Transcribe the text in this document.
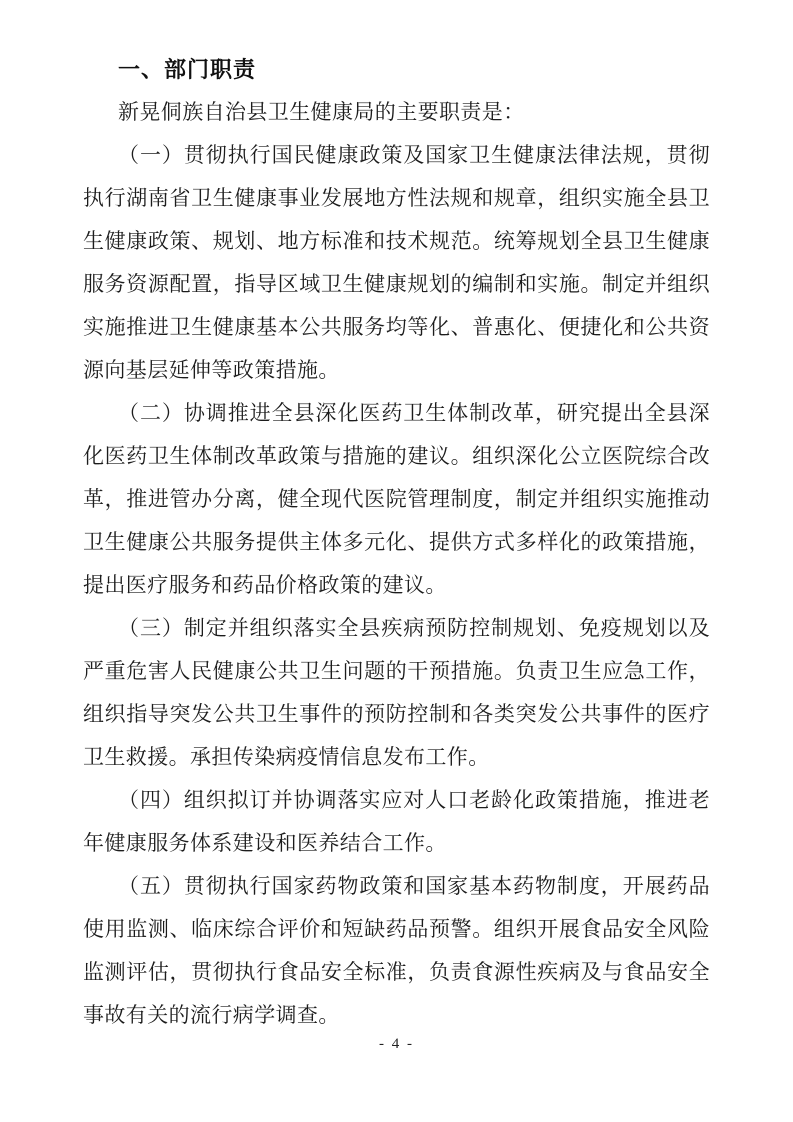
一、部门职责
新晃侗族自治县卫生健康局的主要职责是：
（一）贯彻执行国民健康政策及国家卫生健康法律法规，贯彻执行湖南省卫生健康事业发展地方性法规和规章，组织实施全县卫生健康政策、规划、地方标准和技术规范。统筹规划全县卫生健康服务资源配置，指导区域卫生健康规划的编制和实施。制定并组织实施推进卫生健康基本公共服务均等化、普惠化、便捷化和公共资源向基层延伸等政策措施。
（二）协调推进全县深化医药卫生体制改革，研究提出全县深化医药卫生体制改革政策与措施的建议。组织深化公立医院综合改革，推进管办分离，健全现代医院管理制度，制定并组织实施推动卫生健康公共服务提供主体多元化、提供方式多样化的政策措施，提出医疗服务和药品价格政策的建议。
（三）制定并组织落实全县疾病预防控制规划、免疫规划以及严重危害人民健康公共卫生问题的干预措施。负责卫生应急工作，组织指导突发公共卫生事件的预防控制和各类突发公共事件的医疗卫生救援。承担传染病疫情信息发布工作。
（四）组织拟订并协调落实应对人口老龄化政策措施，推进老年健康服务体系建设和医养结合工作。
（五）贯彻执行国家药物政策和国家基本药物制度，开展药品使用监测、临床综合评价和短缺药品预警。组织开展食品安全风险监测评估，贯彻执行食品安全标准，负责食源性疾病及与食品安全事故有关的流行病学调查。
- 4 -
